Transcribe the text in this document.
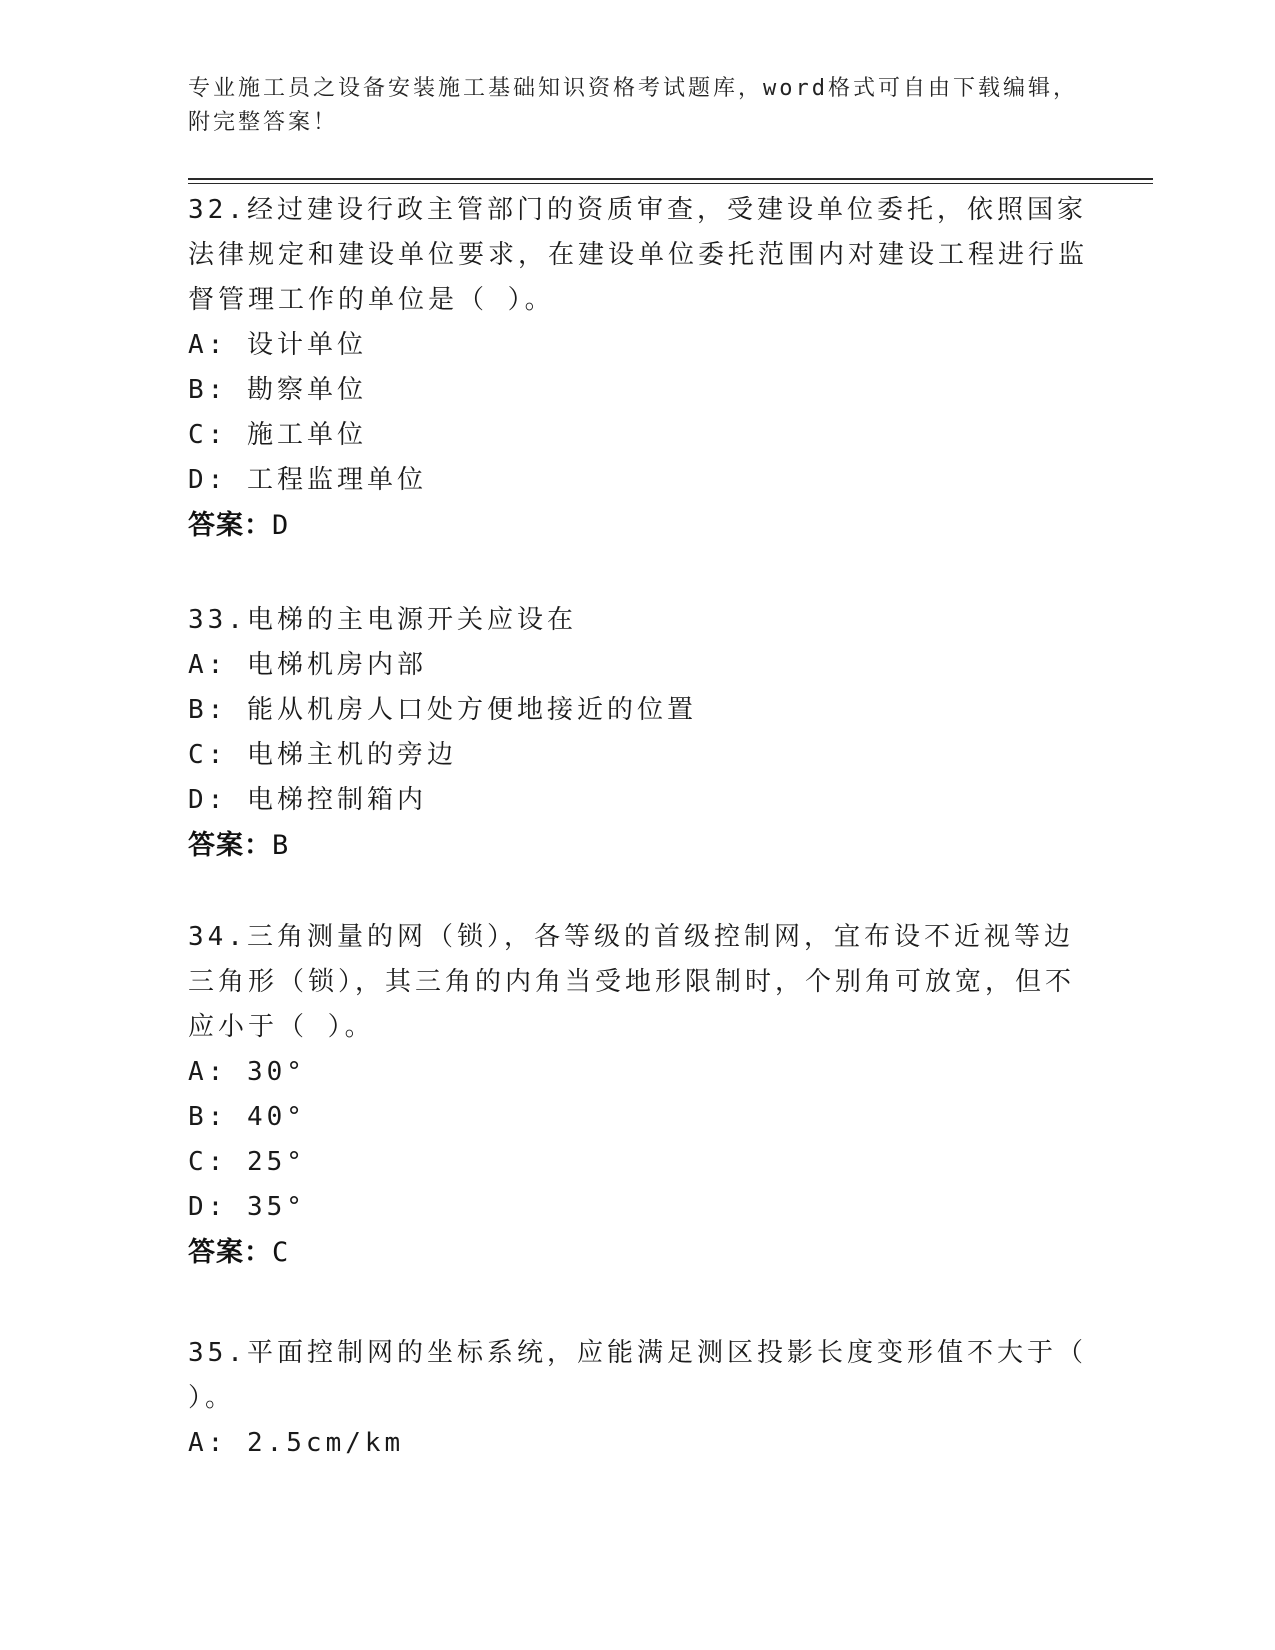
专业施工员之设备安装施工基础知识资格考试题库，word格式可自由下载编辑，
附完整答案！

32.经过建设行政主管部门的资质审查，受建设单位委托，依照国家法律规定和建设单位要求，在建设单位委托范围内对建设工程进行监督管理工作的单位是（ ）。

A: 设计单位

B: 勘察单位

C: 施工单位

D: 工程监理单位

答案：D

33.电梯的主电源开关应设在

A: 电梯机房内部

B: 能从机房人口处方便地接近的位置

C: 电梯主机的旁边

D: 电梯控制箱内

答案：B

34.三角测量的网（锁），各等级的首级控制网，宜布设不近视等边三角形（锁），其三角的内角当受地形限制时，个别角可放宽，但不应小于（ ）。

A: 30°

B: 40°

C: 25°

D: 35°

答案：C

35.平面控制网的坐标系统，应能满足测区投影长度变形值不大于（ ）。

A: 2.5cm/km
